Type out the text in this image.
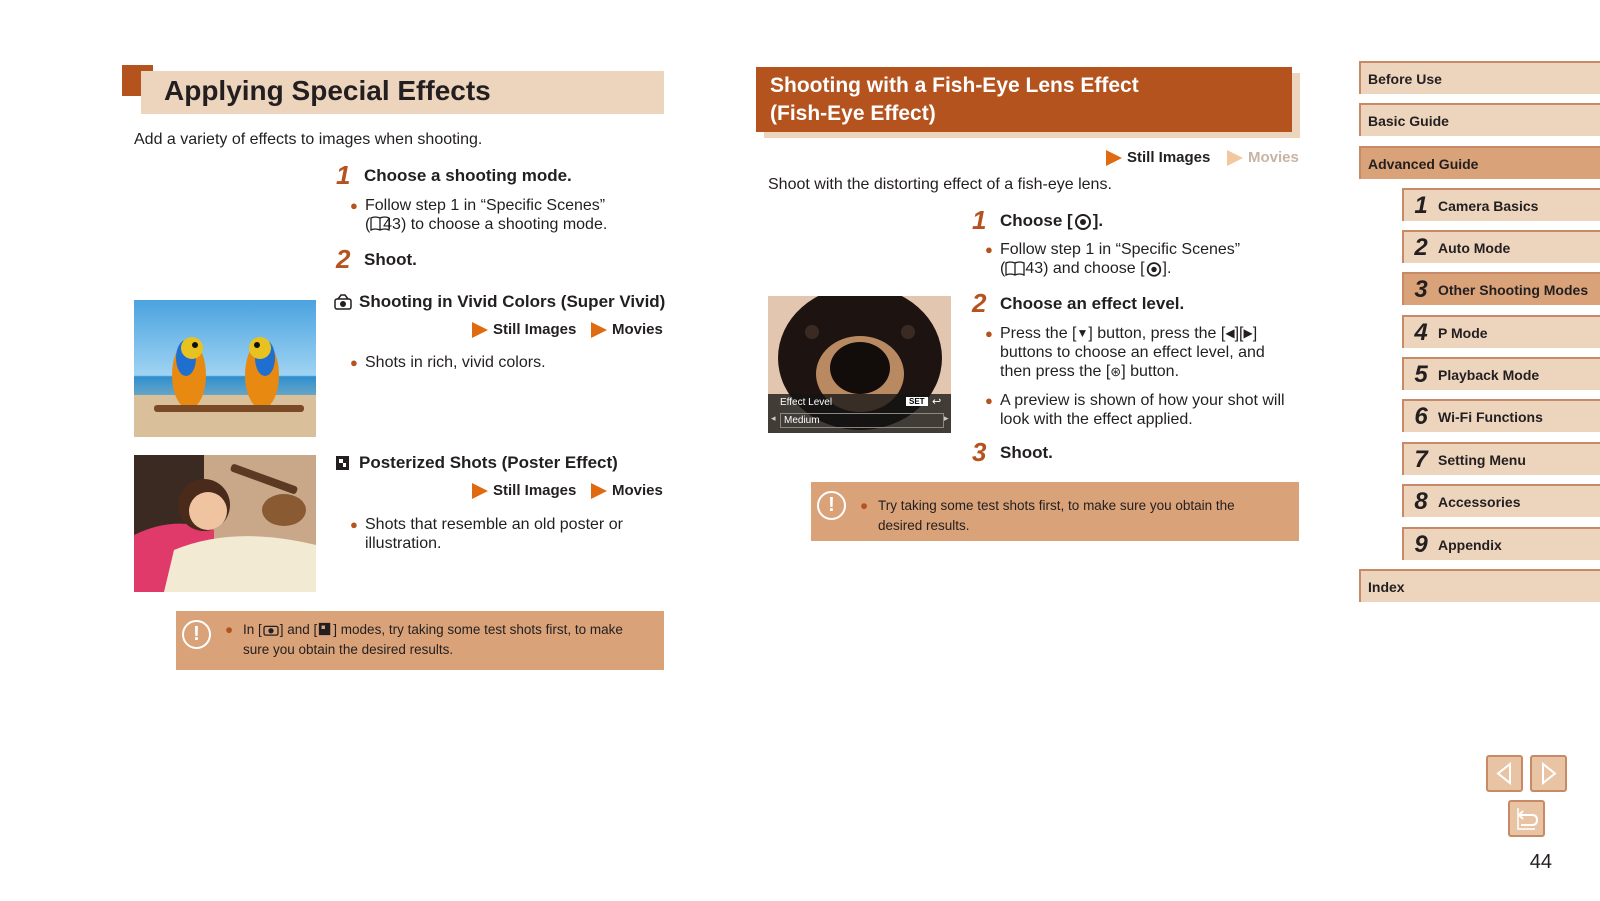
Applying Special Effects
Add a variety of effects to images when shooting.
1 Choose a shooting mode.
● Follow step 1 in “Specific Scenes”
(    43) to choose a shooting mode.
2 Shoot.
Shooting in Vivid Colors (Super Vivid)
Still Images Movies
● Shots in rich, vivid colors.
Posterized Shots (Poster Effect)
Still Images Movies
● Shots that resemble an old poster or
illustration.
!	● In [ ] and [ ] modes, try taking some test shots first, to make
sure you obtain the desired results.
Shooting with a Fish-Eye Lens Effect
(Fish-Eye Effect)
Still Images	Movies
Shoot with the distorting effect of a fish-eye lens.
1 Choose [ ].
● Follow step 1 in “Specific Scenes”
( 43) and choose [ ].
Effect Level	SET ↩
Medium
◂	▸
2 Choose an effect level.
● Press the [ ▼ ] button, press the [ ◀ ][ ▶ ]
buttons to choose an effect level, and
then press the [ ⊛ ] button.
● A preview is shown of how your shot will
look with the effect applied.
3 Shoot.
!	● Try taking some test shots first, to make sure you obtain the
desired results.
Before Use
Basic Guide
Advanced Guide
1 Camera Basics
2 Auto Mode
3 Other Shooting Modes
4 P Mode
5 Playback Mode
6 Wi-Fi Functions
7 Setting Menu
8 Accessories
9 Appendix
Index
44
